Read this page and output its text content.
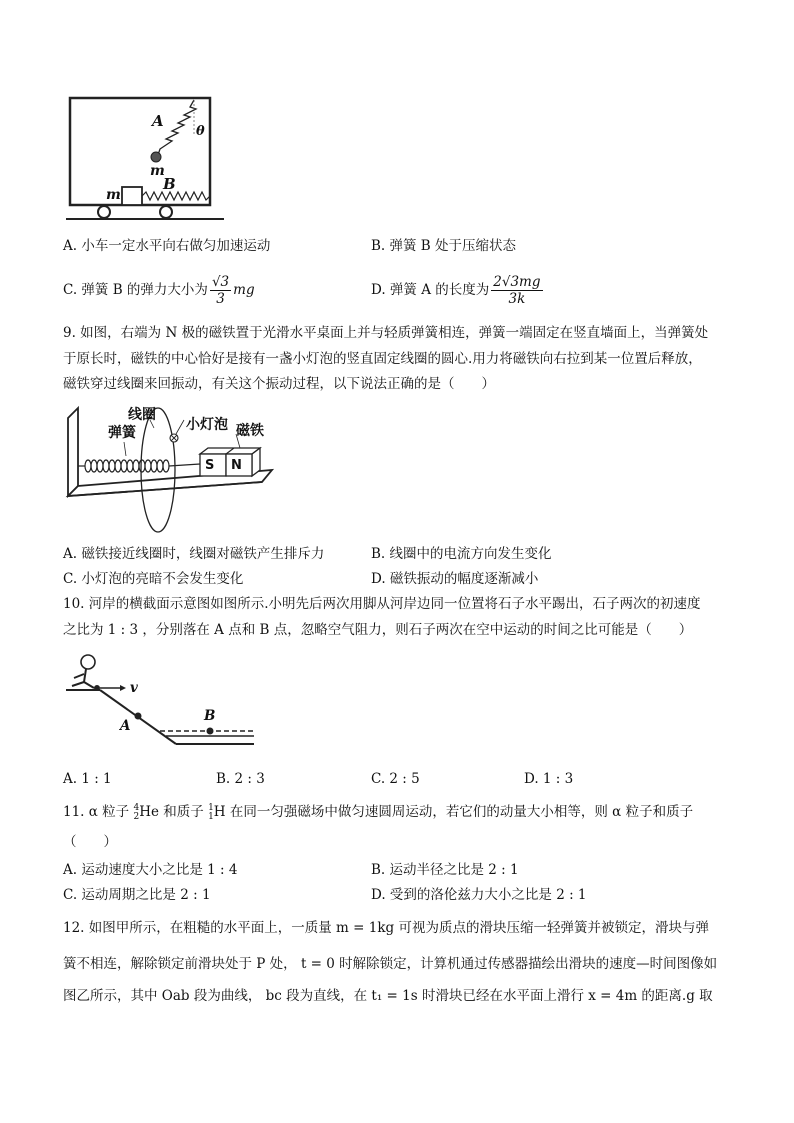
A
θ
m
m
B
A. 小车一定水平向右做匀加速运动	B. 弹簧 B 处于压缩状态
C. 弹簧 B 的弹力大小为 $\frac{√3}{3}$ mg	D. 弹簧 A 的长度为 $\frac{2√3mg}{3k}$
9. 如图，右端为 N 极的磁铁置于光滑水平桌面上并与轻质弹簧相连，弹簧一端固定在竖直墙面上，当弹簧处
于原长时，磁铁的中心恰好是接有一盏小灯泡的竖直固定线圈的圆心.用力将磁铁向右拉到某一位置后释放，
磁铁穿过线圈来回振动，有关这个振动过程，以下说法正确的是（　　）
线圈
弹簧	小灯泡 磁铁
S N
A. 磁铁接近线圈时，线圈对磁铁产生排斥力	B. 线圈中的电流方向发生变化
C. 小灯泡的亮暗不会发生变化	D. 磁铁振动的幅度逐渐减小
10. 河岸的横截面示意图如图所示.小明先后两次用脚从河岸边同一位置将石子水平踢出，石子两次的初速度
之比为 1 : 3 ，分别落在 A 点和 B 点，忽略空气阻力，则石子两次在空中运动的时间之比可能是（　　）
v
A
B
A. 1 : 1	B. 2 : 3	C. 2 : 5	D. 1 : 3
11. α 粒子 4
2 He 和质子 1
1 H 在同一匀强磁场中做匀速圆周运动，若它们的动量大小相等，则 α 粒子和质子
（　　）
A. 运动速度大小之比是 1 : 4	B. 运动半径之比是 2 : 1
C. 运动周期之比是 2 : 1	D. 受到的洛伦兹力大小之比是 2 : 1
12. 如图甲所示，在粗糙的水平面上，一质量 m = 1kg 可视为质点的滑块压缩一轻弹簧并被锁定，滑块与弹
簧不相连，解除锁定前滑块处于 P 处， t = 0 时解除锁定，计算机通过传感器描绘出滑块的速度—时间图像如
图乙所示，其中 Oab 段为曲线， bc 段为直线，在 t₁ = 1s 时滑块已经在水平面上滑行 x = 4m 的距离.g 取
